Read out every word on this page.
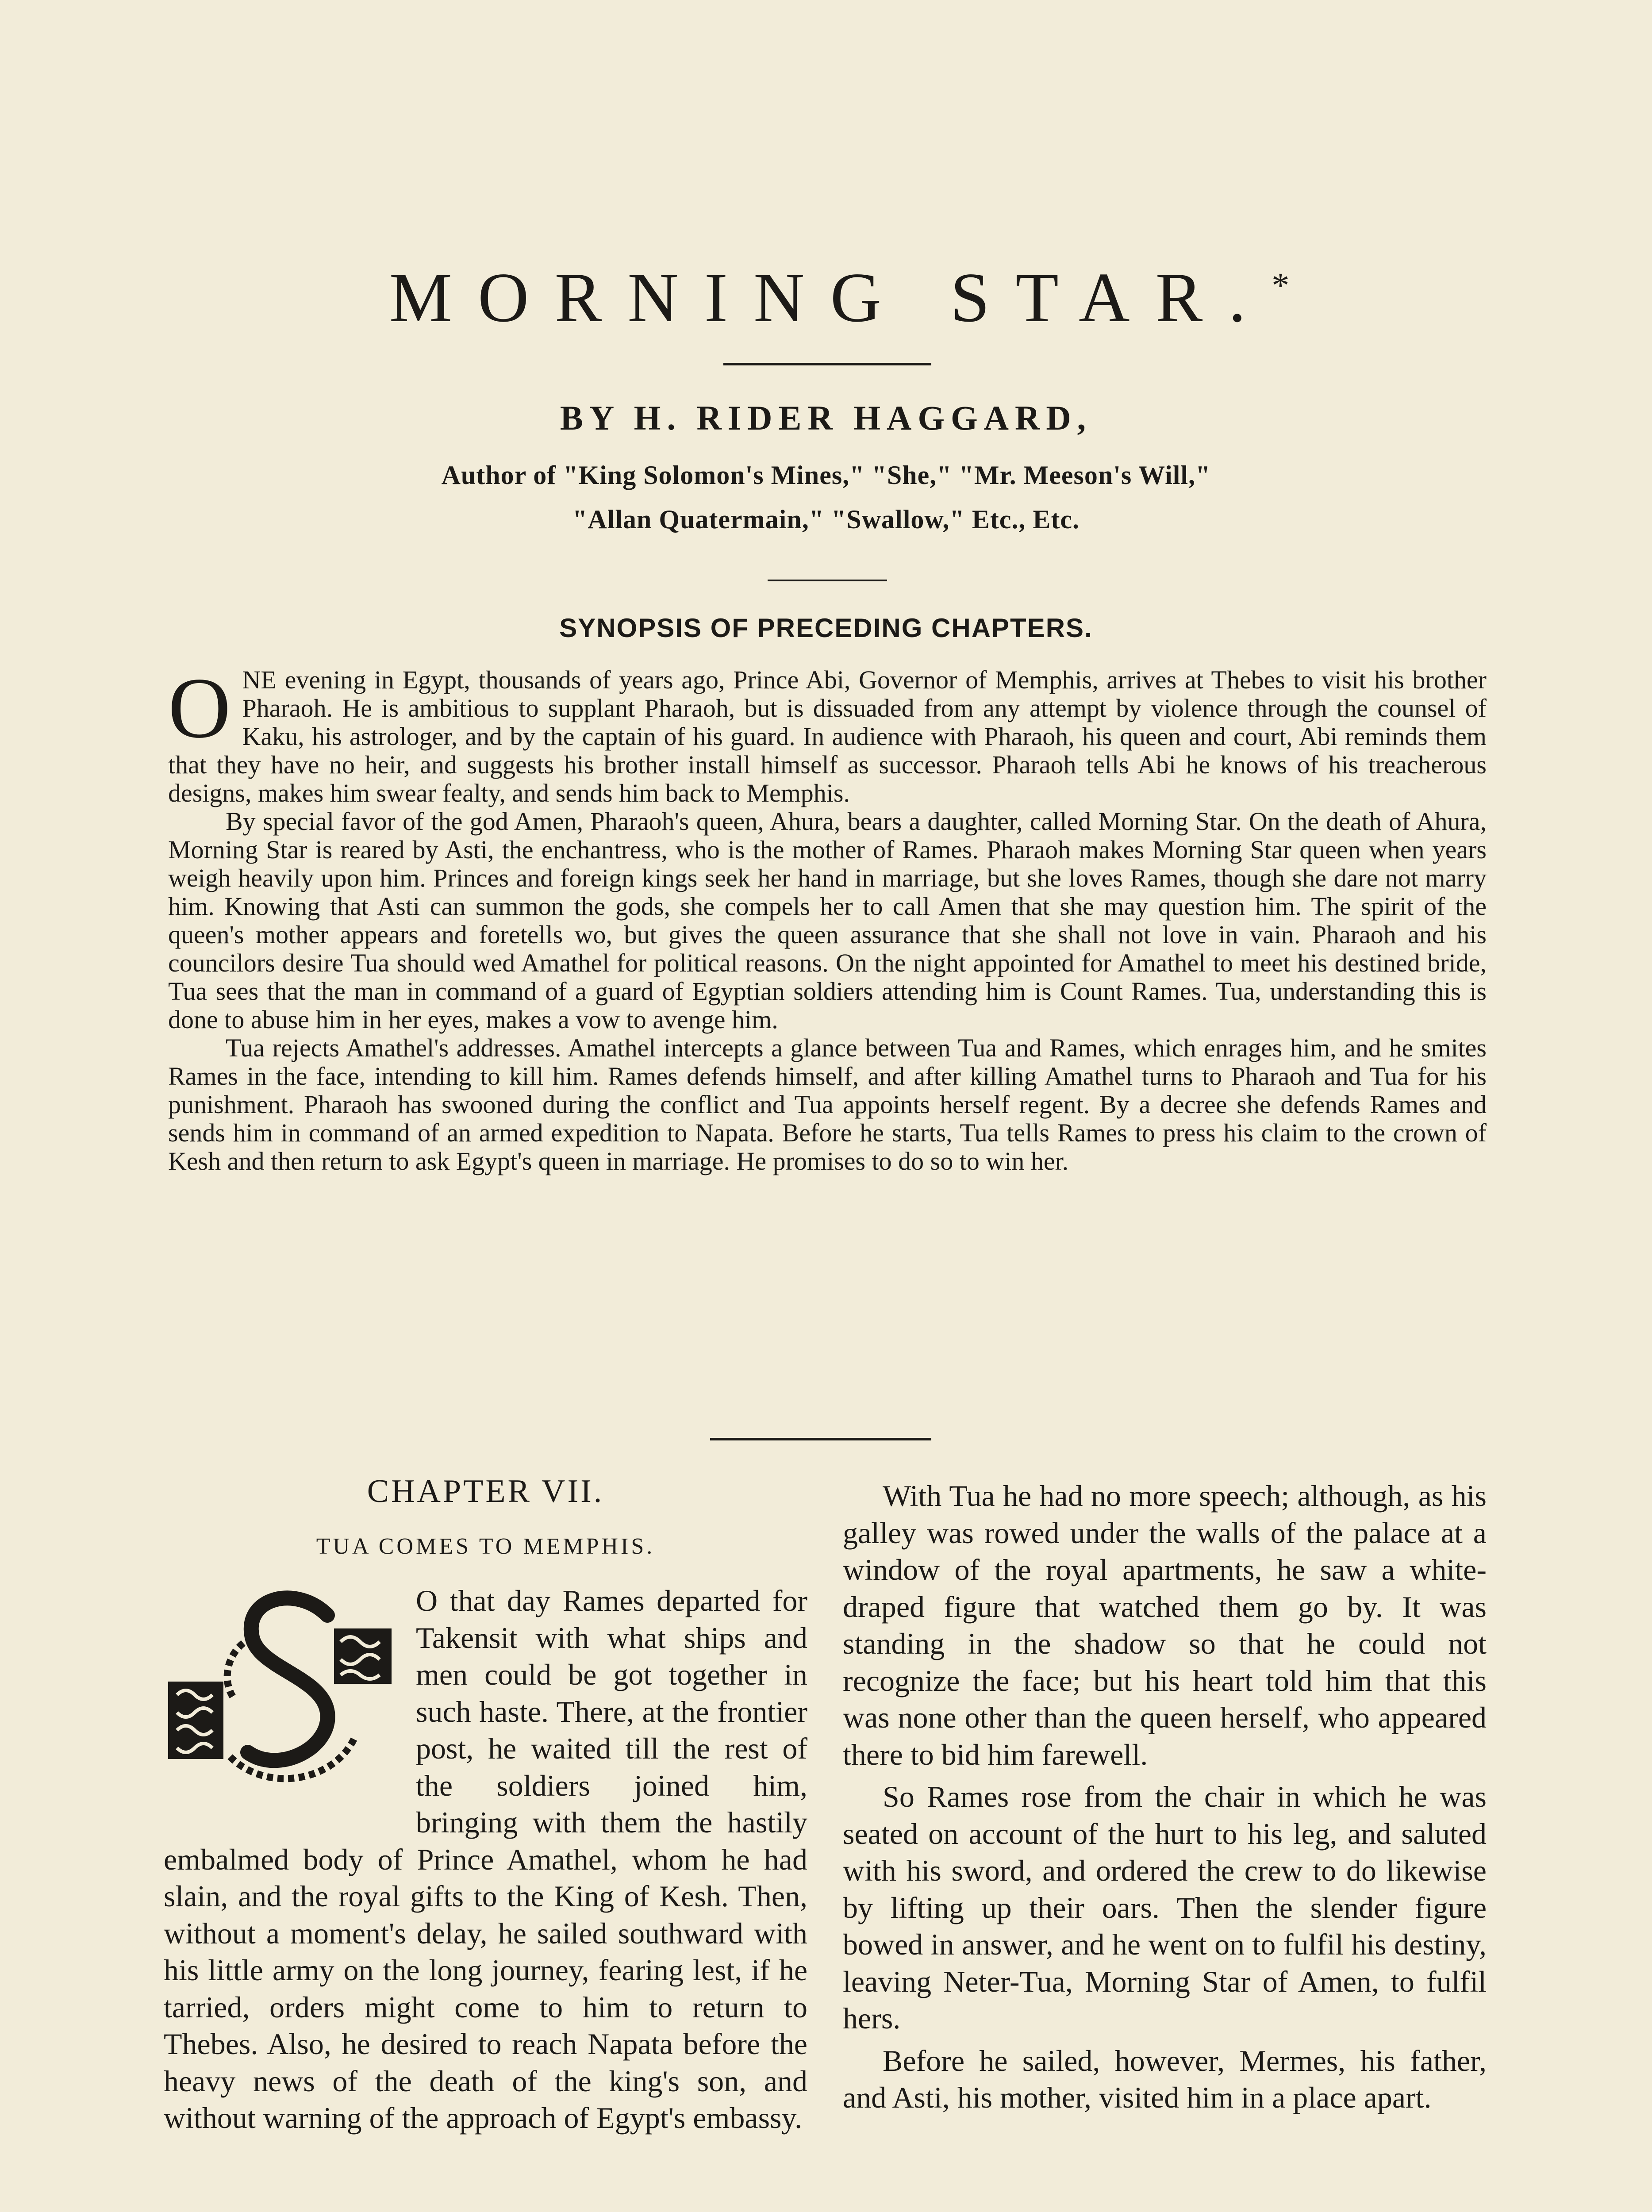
MORNING STAR.*
BY H. RIDER HAGGARD,
Author of "King Solomon's Mines," "She," "Mr. Meeson's Will,"
"Allan Quatermain," "Swallow," Etc., Etc.
SYNOPSIS OF PRECEDING CHAPTERS.

ONE evening in Egypt, thousands of years ago, Prince Abi, Governor of Memphis, arrives at Thebes to visit his brother Pharaoh. He is ambitious to supplant Pharaoh, but is dissuaded from any attempt by violence through the counsel of Kaku, his astrologer, and by the captain of his guard. In audience with Pharaoh, his queen and court, Abi reminds them that they have no heir, and suggests his brother install himself as successor. Pharaoh tells Abi he knows of his treacherous designs, makes him swear fealty, and sends him back to Memphis.

By special favor of the god Amen, Pharaoh's queen, Ahura, bears a daughter, called Morning Star. On the death of Ahura, Morning Star is reared by Asti, the enchantress, who is the mother of Rames. Pharaoh makes Morning Star queen when years weigh heavily upon him. Princes and foreign kings seek her hand in marriage, but she loves Rames, though she dare not marry him. Knowing that Asti can summon the gods, she compels her to call Amen that she may question him. The spirit of the queen's mother appears and foretells wo, but gives the queen assurance that she shall not love in vain. Pharaoh and his councilors desire Tua should wed Amathel for political reasons. On the night appointed for Amathel to meet his destined bride, Tua sees that the man in command of a guard of Egyptian soldiers attending him is Count Rames. Tua, understanding this is done to abuse him in her eyes, makes a vow to avenge him.

Tua rejects Amathel's addresses. Amathel intercepts a glance between Tua and Rames, which enrages him, and he smites Rames in the face, intending to kill him. Rames defends himself, and after killing Amathel turns to Pharaoh and Tua for his punishment. Pharaoh has swooned during the conflict and Tua appoints herself regent. By a decree she defends Rames and sends him in command of an armed expedition to Napata. Before he starts, Tua tells Rames to press his claim to the crown of Kesh and then return to ask Egypt's queen in marriage. He promises to do so to win her.

CHAPTER VII.
TUA COMES TO MEMPHIS.
S

O that day Rames departed for Takensit with what ships and men could be got together in such haste. There, at the frontier post, he waited till the rest of the soldiers joined him, bringing with them the hastily embalmed body of Prince Amathel, whom he had slain, and the royal gifts to the King of Kesh. Then, without a moment's delay, he sailed southward with his little army on the long journey, fearing lest, if he tarried, orders might come to him to return to Thebes. Also, he desired to reach Napata before the heavy news of the death of the king's son, and without warning of the approach of Egypt's embassy.

With Tua he had no more speech; although, as his galley was rowed under the walls of the palace at a window of the royal apartments, he saw a white-draped figure that watched them go by. It was standing in the shadow so that he could not recognize the face; but his heart told him that this was none other than the queen herself, who appeared there to bid him farewell.

So Rames rose from the chair in which he was seated on account of the hurt to his leg, and saluted with his sword, and ordered the crew to do likewise by lifting up their oars. Then the slender figure bowed in answer, and he went on to fulfil his destiny, leaving Neter-Tua, Morning Star of Amen, to fulfil hers.

Before he sailed, however, Mermes, his father, and Asti, his mother, visited him in a place apart.
